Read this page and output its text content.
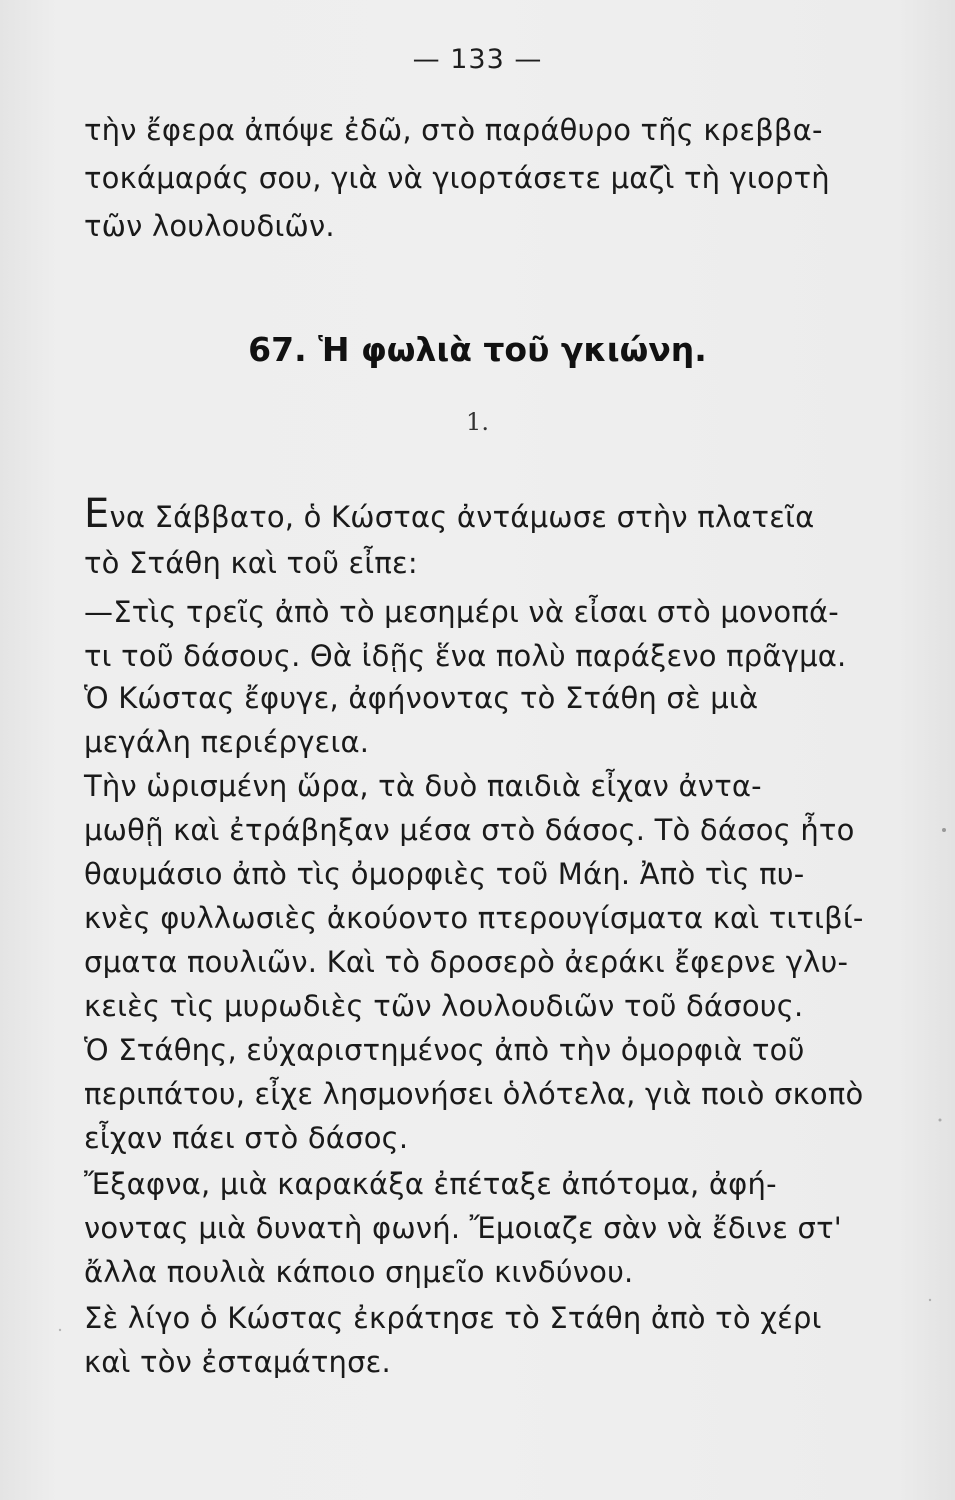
— 133 —
τὴν ἔφερα ἀπόψε ἐδῶ, στὸ παράθυρο τῆς κρεββα-
τοκάμαράς σου, γιὰ νὰ γιορτάσετε μαζὶ τὴ γιορτὴ
τῶν λουλουδιῶν.
67. Ἡ φωλιὰ τοῦ γκιώνη.
1.
Ενα Σάββατο, ὁ Κώστας ἀντάμωσε στὴν πλατεῖα
τὸ Στάθη καὶ τοῦ εἶπε:
—Στὶς τρεῖς ἀπὸ τὸ μεσημέρι νὰ εἶσαι στὸ μονοπά-
τι τοῦ δάσους. Θὰ ἰδῇς ἕνα πολὺ παράξενο πρᾶγμα.
Ὁ Κώστας ἔφυγε, ἀφήνοντας τὸ Στάθη σὲ μιὰ
μεγάλη περιέργεια.
Τὴν ὡρισμένη ὥρα, τὰ δυὸ παιδιὰ εἶχαν ἀντα-
μωθῇ καὶ ἐτράβηξαν μέσα στὸ δάσος. Τὸ δάσος ἦτο
θαυμάσιο ἀπὸ τὶς ὀμορφιὲς τοῦ Μάη. Ἀπὸ τὶς πυ-
κνὲς φυλλωσιὲς ἀκούοντο πτερουγίσματα καὶ τιτιβί-
σματα πουλιῶν. Καὶ τὸ δροσερὸ ἀεράκι ἔφερνε γλυ-
κειὲς τὶς μυρωδιὲς τῶν λουλουδιῶν τοῦ δάσους.
Ὁ Στάθης, εὐχαριστημένος ἀπὸ τὴν ὀμορφιὰ τοῦ
περιπάτου, εἶχε λησμονήσει ὁλότελα, γιὰ ποιὸ σκοπὸ
εἶχαν πάει στὸ δάσος.
Ἔξαφνα, μιὰ καρακάξα ἐπέταξε ἀπότομα, ἀφή-
νοντας μιὰ δυνατὴ φωνή. Ἔμοιαζε σὰν νὰ ἔδινε στ'
ἄλλα πουλιὰ κάποιο σημεῖο κινδύνου.
Σὲ λίγο ὁ Κώστας ἐκράτησε τὸ Στάθη ἀπὸ τὸ χέρι
καὶ τὸν ἐσταμάτησε.
